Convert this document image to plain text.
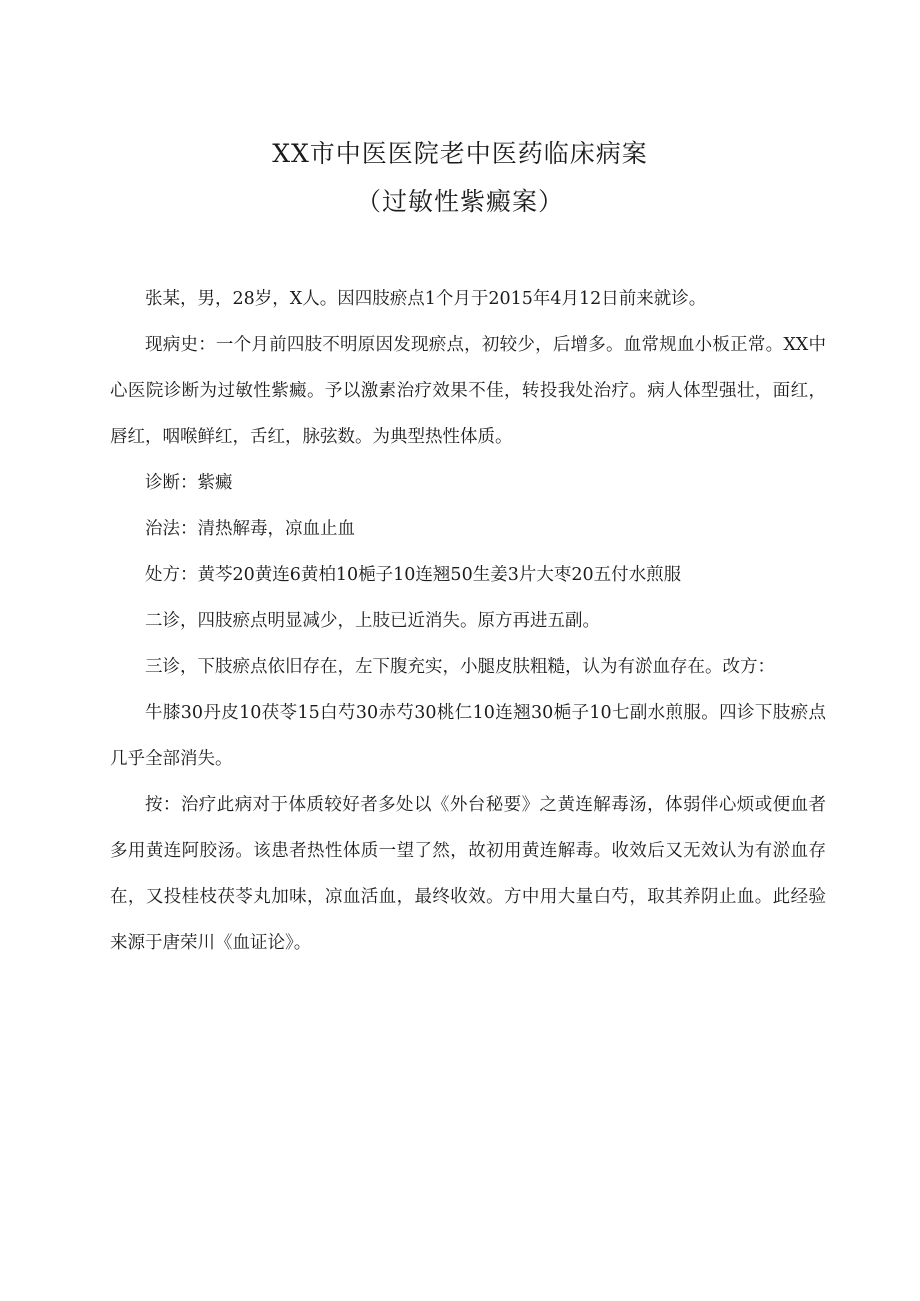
XX市中医医院老中医药临床病案
（过敏性紫癜案）

张某，男，28岁，X人。因四肢瘀点1个月于2015年4月12日前来就诊。

现病史：一个月前四肢不明原因发现瘀点，初较少，后增多。血常规血小板正常。XX中心医院诊断为过敏性紫癜。予以激素治疗效果不佳，转投我处治疗。病人体型强壮，面红，唇红，咽喉鲜红，舌红，脉弦数。为典型热性体质。

诊断：紫癜

治法：清热解毒，凉血止血

处方：黄芩20黄连6黄柏10梔子10连翘50生姜3片大枣20五付水煎服

二诊，四肢瘀点明显减少，上肢已近消失。原方再进五副。

三诊，下肢瘀点依旧存在，左下腹充实，小腿皮肤粗糙，认为有淤血存在。改方：

牛膝30丹皮10茯苓15白芍30赤芍30桃仁10连翘30梔子10七副水煎服。四诊下肢瘀点几乎全部消失。

按：治疗此病对于体质较好者多处以《外台秘要》之黄连解毒汤，体弱伴心烦或便血者多用黄连阿胶汤。该患者热性体质一望了然，故初用黄连解毒。收效后又无效认为有淤血存在，又投桂枝茯苓丸加味，凉血活血，最终收效。方中用大量白芍，取其养阴止血。此经验来源于唐荣川《血证论》。
